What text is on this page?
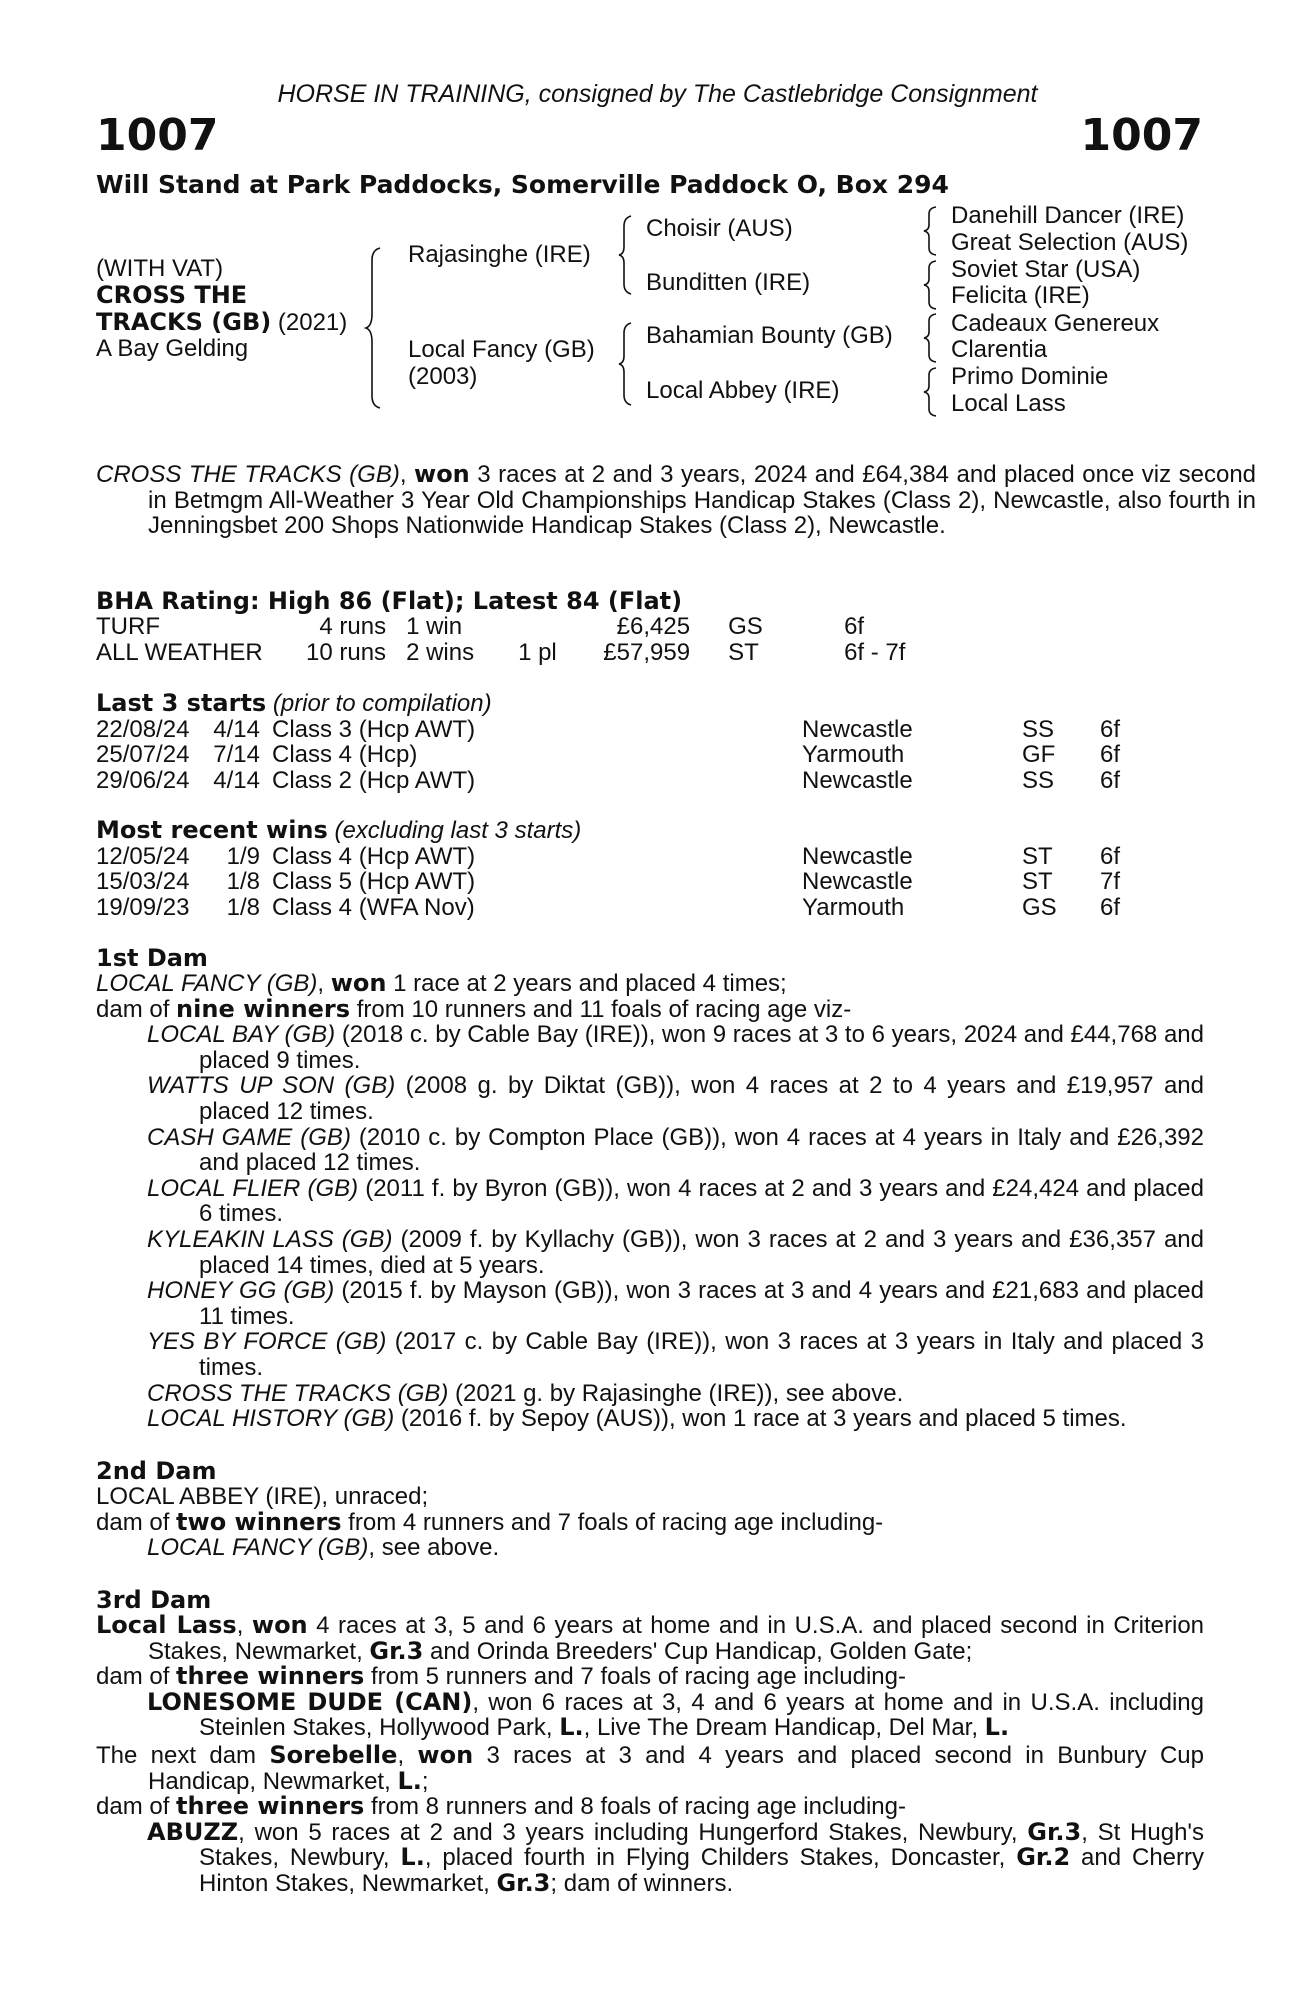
HORSE IN TRAINING, consigned by The Castlebridge Consignment
1007	1007
Will Stand at Park Paddocks, Somerville Paddock O, Box 294
(WITH VAT)
CROSS THE
TRACKS (GB) (2021)
A Bay Gelding
Rajasinghe (IRE)
Local Fancy (GB)
(2003)
Choisir (AUS)
Bunditten (IRE)
Bahamian Bounty (GB)
Local Abbey (IRE)
Danehill Dancer (IRE)
Great Selection (AUS)
Soviet Star (USA)
Felicita (IRE)
Cadeaux Genereux
Clarentia
Primo Dominie
Local Lass
CROSS THE TRACKS (GB), won 3 races at 2 and 3 years, 2024 and £64,384 and placed once viz second in Betmgm All-Weather 3 Year Old Championships Handicap Stakes (Class 2), Newcastle, also fourth in Jenningsbet 200 Shops Nationwide Handicap Stakes (Class 2), Newcastle.
BHA Rating: High 86 (Flat); Latest 84 (Flat)
TURF	4 runs	1 win		£6,425	GS	6f
ALL WEATHER	10 runs	2 wins	1 pl	£57,959	ST	6f - 7f
Last 3 starts (prior to compilation)
22/08/24	4/14	Class 3 (Hcp AWT)	Newcastle	SS	6f
25/07/24	7/14	Class 4 (Hcp)	Yarmouth	GF	6f
29/06/24	4/14	Class 2 (Hcp AWT)	Newcastle	SS	6f
Most recent wins (excluding last 3 starts)
12/05/24	1/9	Class 4 (Hcp AWT)	Newcastle	ST	6f
15/03/24	1/8	Class 5 (Hcp AWT)	Newcastle	ST	7f
19/09/23	1/8	Class 4 (WFA Nov)	Yarmouth	GS	6f
1st Dam
LOCAL FANCY (GB), won 1 race at 2 years and placed 4 times;
dam of nine winners from 10 runners and 11 foals of racing age viz-
LOCAL BAY (GB) (2018 c. by Cable Bay (IRE)), won 9 races at 3 to 6 years, 2024 and £44,768 and placed 9 times.
WATTS UP SON (GB) (2008 g. by Diktat (GB)), won 4 races at 2 to 4 years and £19,957 and placed 12 times.
CASH GAME (GB) (2010 c. by Compton Place (GB)), won 4 races at 4 years in Italy and £26,392 and placed 12 times.
LOCAL FLIER (GB) (2011 f. by Byron (GB)), won 4 races at 2 and 3 years and £24,424 and placed 6 times.
KYLEAKIN LASS (GB) (2009 f. by Kyllachy (GB)), won 3 races at 2 and 3 years and £36,357 and placed 14 times, died at 5 years.
HONEY GG (GB) (2015 f. by Mayson (GB)), won 3 races at 3 and 4 years and £21,683 and placed 11 times.
YES BY FORCE (GB) (2017 c. by Cable Bay (IRE)), won 3 races at 3 years in Italy and placed 3 times.
CROSS THE TRACKS (GB) (2021 g. by Rajasinghe (IRE)), see above.
LOCAL HISTORY (GB) (2016 f. by Sepoy (AUS)), won 1 race at 3 years and placed 5 times.
2nd Dam
LOCAL ABBEY (IRE), unraced;
dam of two winners from 4 runners and 7 foals of racing age including-
LOCAL FANCY (GB), see above.
3rd Dam
Local Lass, won 4 races at 3, 5 and 6 years at home and in U.S.A. and placed second in Criterion Stakes, Newmarket, Gr.3 and Orinda Breeders' Cup Handicap, Golden Gate;
dam of three winners from 5 runners and 7 foals of racing age including-
LONESOME DUDE (CAN), won 6 races at 3, 4 and 6 years at home and in U.S.A. including Steinlen Stakes, Hollywood Park, L., Live The Dream Handicap, Del Mar, L.
The next dam Sorebelle, won 3 races at 3 and 4 years and placed second in Bunbury Cup Handicap, Newmarket, L.;
dam of three winners from 8 runners and 8 foals of racing age including-
ABUZZ, won 5 races at 2 and 3 years including Hungerford Stakes, Newbury, Gr.3, St Hugh's Stakes, Newbury, L., placed fourth in Flying Childers Stakes, Doncaster, Gr.2 and Cherry Hinton Stakes, Newmarket, Gr.3; dam of winners.
